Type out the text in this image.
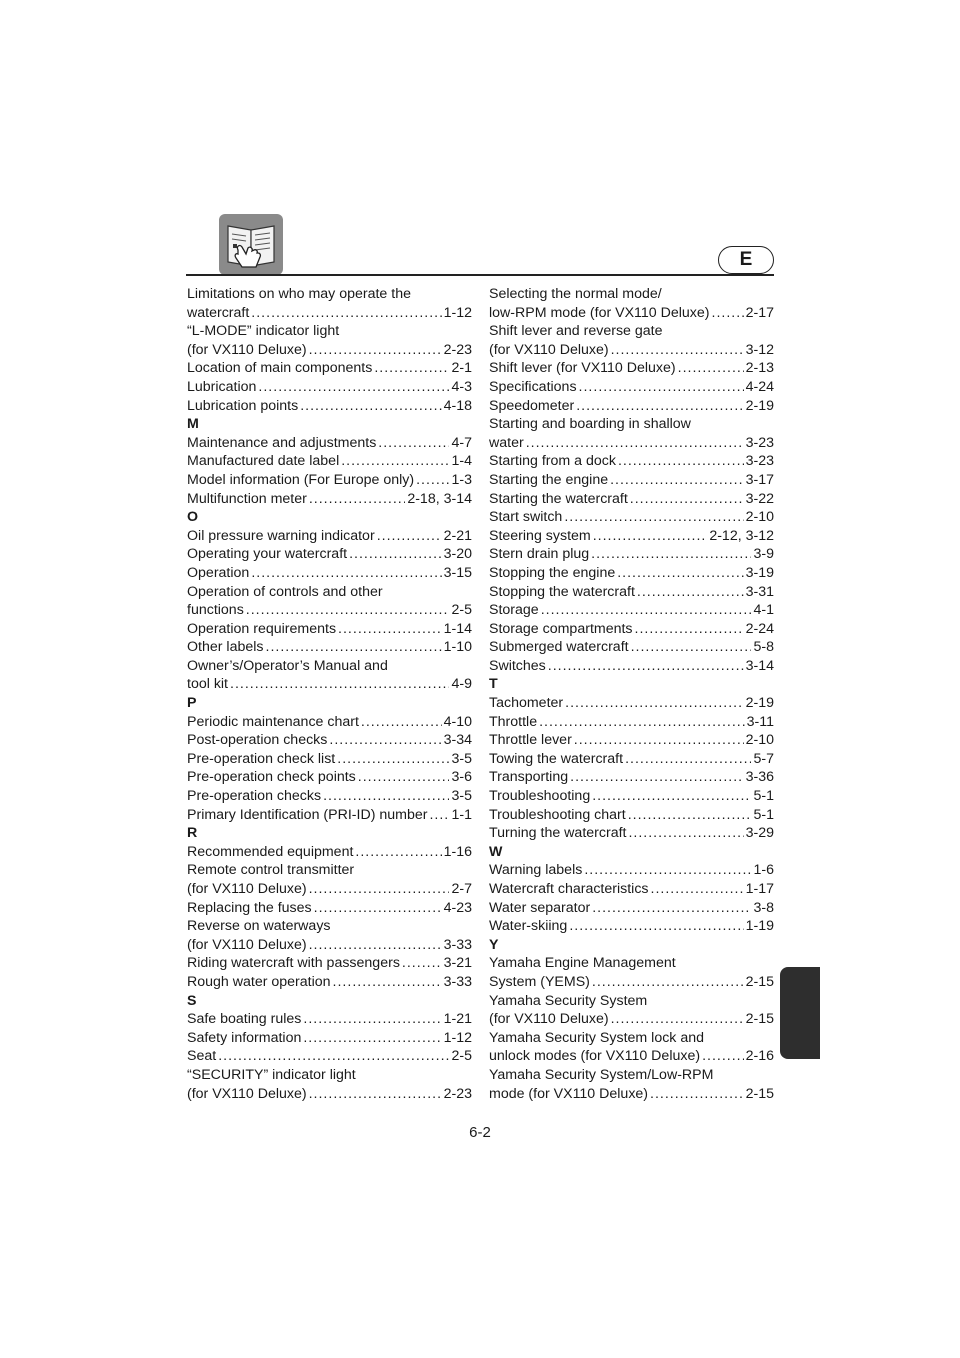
E
Limitations on who may operate the
watercraft .....	1-12
“L-MODE” indicator light
(for VX110 Deluxe) .....	2-23
Location of main components .....	2-1
Lubrication .....	4-3
Lubrication points .....	4-18
M
Maintenance and adjustments .....	4-7
Manufactured date label .....	1-4
Model information (For Europe only) .....	1-3
Multifunction meter .....	2-18, 3-14
O
Oil pressure warning indicator .....	2-21
Operating your watercraft .....	3-20
Operation .....	3-15
Operation of controls and other
functions .....	2-5
Operation requirements .....	1-14
Other labels .....	1-10
Owner’s/Operator’s Manual and
tool kit .....	4-9
P
Periodic maintenance chart .....	4-10
Post-operation checks .....	3-34
Pre-operation check list .....	3-5
Pre-operation check points .....	3-6
Pre-operation checks .....	3-5
Primary Identification (PRI-ID) number ..... 1-1
R
Recommended equipment .....	1-16
Remote control transmitter
(for VX110 Deluxe) .....	2-7
Replacing the fuses .....	4-23
Reverse on waterways
(for VX110 Deluxe) .....	3-33
Riding watercraft with passengers .....	3-21
Rough water operation .....	3-33
S
Safe boating rules .....	1-21
Safety information .....	1-12
Seat .....	2-5
“SECURITY” indicator light
(for VX110 Deluxe) .....	2-23
Selecting the normal mode/
low-RPM mode (for VX110 Deluxe) .....	2-17
Shift lever and reverse gate
(for VX110 Deluxe) .....	3-12
Shift lever (for VX110 Deluxe) .....	2-13
Specifications .....	4-24
Speedometer .....	2-19
Starting and boarding in shallow
water .....	3-23
Starting from a dock .....	3-23
Starting the engine .....	3-17
Starting the watercraft .....	3-22
Start switch .....	2-10
Steering system .....	2-12, 3-12
Stern drain plug .....	3-9
Stopping the engine .....	3-19
Stopping the watercraft .....	3-31
Storage .....	4-1
Storage compartments .....	2-24
Submerged watercraft .....	5-8
Switches .....	3-14
T
Tachometer .....	2-19
Throttle .....	3-11
Throttle lever .....	2-10
Towing the watercraft .....	5-7
Transporting .....	3-36
Troubleshooting .....	5-1
Troubleshooting chart .....	5-1
Turning the watercraft .....	3-29
W
Warning labels .....	1-6
Watercraft characteristics .....	1-17
Water separator .....	3-8
Water-skiing .....	1-19
Y
Yamaha Engine Management
System (YEMS) .....	2-15
Yamaha Security System
(for VX110 Deluxe) .....	2-15
Yamaha Security System lock and
unlock modes (for VX110 Deluxe) .....	2-16
Yamaha Security System/Low-RPM
mode (for VX110 Deluxe) .....	2-15
6-2
